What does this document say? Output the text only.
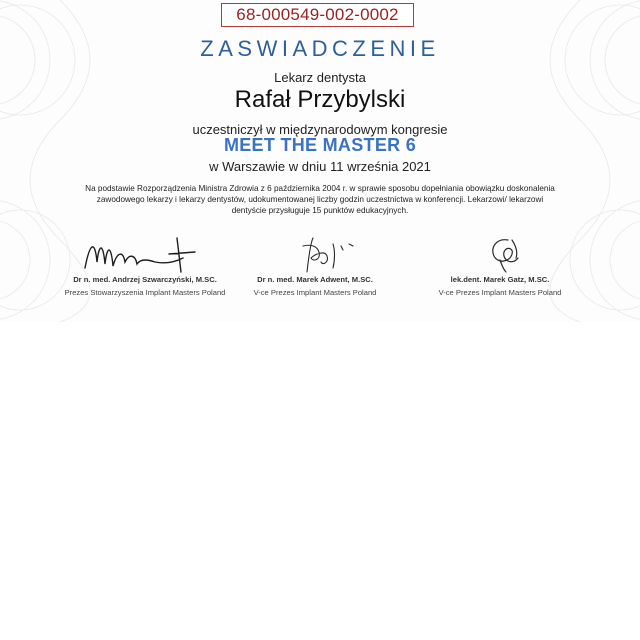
68-000549-002-0002
ZASWIADCZENIE
Lekarz dentysta
Rafał Przybylski
uczestniczył w międzynarodowym kongresie
MEET THE MASTER 6
w Warszawie w dniu 11 września 2021
Na podstawie Rozporządzenia Ministra Zdrowia z 6 października 2004 r. w sprawie sposobu dopełniania obowiązku doskonalenia zawodowego lekarzy i lekarzy dentystów, udokumentowanej liczby godzin uczestnictwa w konferencji. Lekarzowi/ lekarzowi dentyście przysługuje 15 punktów edukacyjnych.
Dr n. med. Andrzej Szwarczyński, M.SC.
Prezes Stowarzyszenia Implant Masters Poland
Dr n. med. Marek Adwent, M.SC.
V-ce Prezes Implant Masters Poland
lek.dent. Marek Gatz, M.SC.
V-ce Prezes Implant Masters Poland
